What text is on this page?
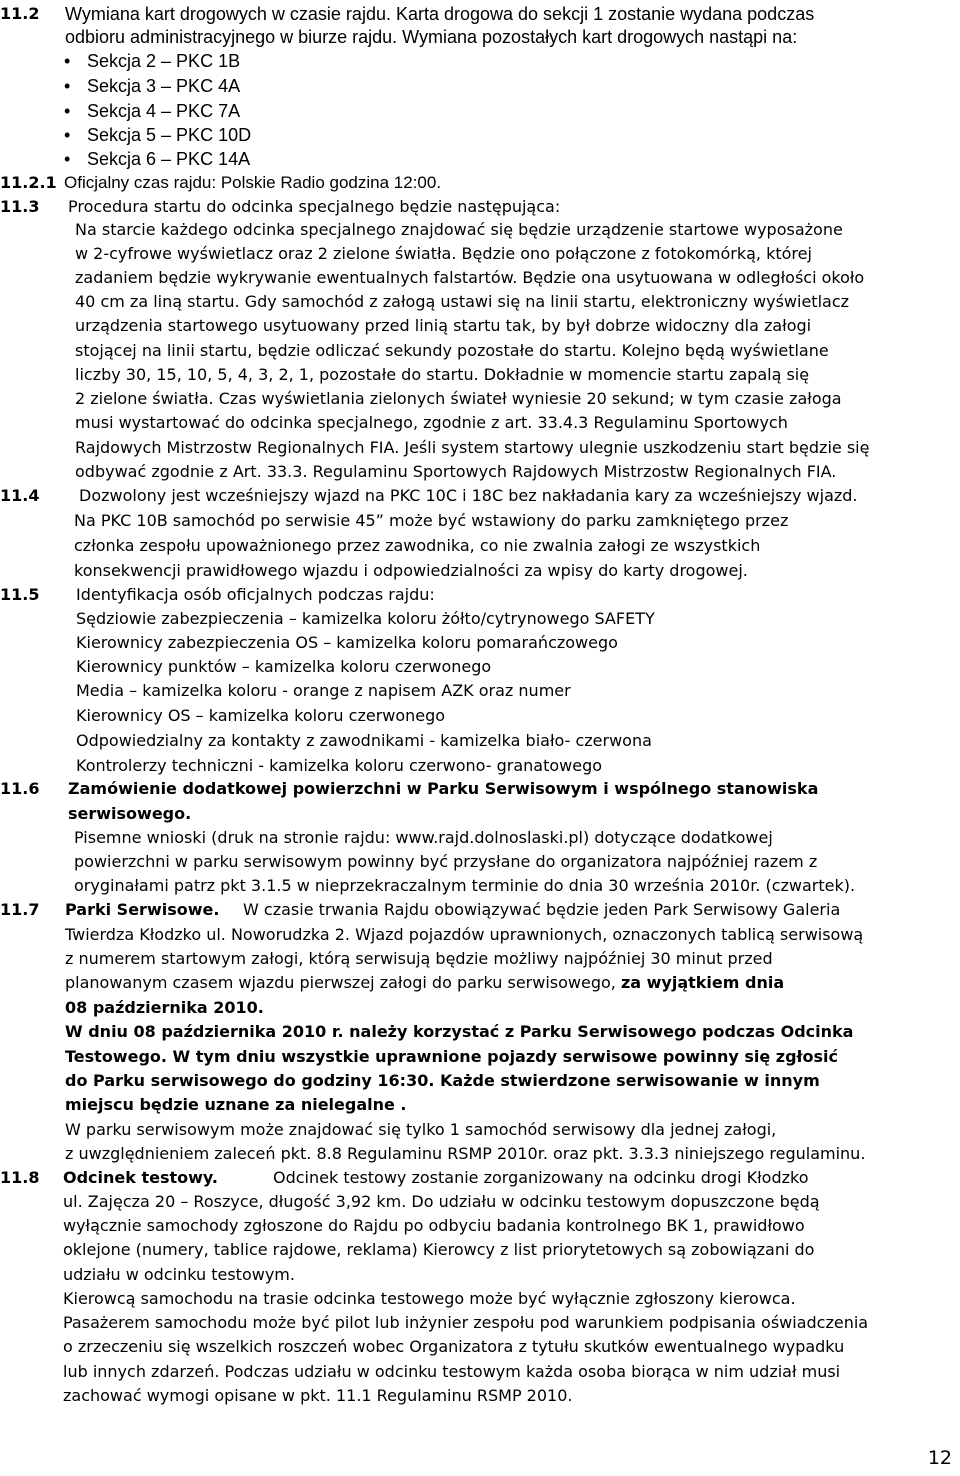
11.2 Wymiana kart drogowych w czasie rajdu. Karta drogowa do sekcji 1 zostanie wydana podczas
odbioru administracyjnego w biurze rajdu. Wymiana pozostałych kart drogowych nastąpi na:
• Sekcja 2 – PKC 1B
• Sekcja 3 – PKC 4A
• Sekcja 4 – PKC 7A
• Sekcja 5 – PKC 10D
• Sekcja 6 – PKC 14A
11.2.1 Oficjalny czas rajdu: Polskie Radio godzina 12:00.
11.3 Procedura startu do odcinka specjalnego będzie następująca:
Na starcie każdego odcinka specjalnego znajdować się będzie urządzenie startowe wyposażone
w 2-cyfrowe wyświetlacz oraz 2 zielone światła. Będzie ono połączone z fotokomórką, której
zadaniem będzie wykrywanie ewentualnych falstartów. Będzie ona usytuowana w odległości około
40 cm za liną startu. Gdy samochód z załogą ustawi się na linii startu, elektroniczny wyświetlacz
urządzenia startowego usytuowany przed linią startu tak, by był dobrze widoczny dla załogi
stojącej na linii startu, będzie odliczać sekundy pozostałe do startu. Kolejno będą wyświetlane
liczby 30, 15, 10, 5, 4, 3, 2, 1, pozostałe do startu. Dokładnie w momencie startu zapalą się
2 zielone światła. Czas wyświetlania zielonych świateł wyniesie 20 sekund; w tym czasie załoga
musi wystartować do odcinka specjalnego, zgodnie z art. 33.4.3 Regulaminu Sportowych
Rajdowych Mistrzostw Regionalnych FIA. Jeśli system startowy ulegnie uszkodzeniu start będzie się
odbywać zgodnie z Art. 33.3. Regulaminu Sportowych Rajdowych Mistrzostw Regionalnych FIA.
11.4 Dozwolony jest wcześniejszy wjazd na PKC 10C i 18C bez nakładania kary za wcześniejszy wjazd.
Na PKC 10B samochód po serwisie 45” może być wstawiony do parku zamkniętego przez
członka zespołu upoważnionego przez zawodnika, co nie zwalnia załogi ze wszystkich
konsekwencji prawidłowego wjazdu i odpowiedzialności za wpisy do karty drogowej.
11.5 Identyfikacja osób oficjalnych podczas rajdu:
Sędziowie zabezpieczenia – kamizelka koloru żółto/cytrynowego SAFETY
Kierownicy zabezpieczenia OS – kamizelka koloru pomarańczowego
Kierownicy punktów – kamizelka koloru czerwonego
Media – kamizelka koloru - orange z napisem AZK oraz numer
Kierownicy OS – kamizelka koloru czerwonego
Odpowiedzialny za kontakty z zawodnikami - kamizelka biało- czerwona
Kontrolerzy techniczni - kamizelka koloru czerwono- granatowego
11.6 Zamówienie dodatkowej powierzchni w Parku Serwisowym i wspólnego stanowiska
serwisowego.
Pisemne wnioski (druk na stronie rajdu: www.rajd.dolnoslaski.pl) dotyczące dodatkowej
powierzchni w parku serwisowym powinny być przysłane do organizatora najpóźniej razem z
oryginałami patrz pkt 3.1.5 w nieprzekraczalnym terminie do dnia 30 września 2010r. (czwartek).
11.7 Parki Serwisowe. W czasie trwania Rajdu obowiązywać będzie jeden Park Serwisowy Galeria
Twierdza Kłodzko ul. Noworudzka 2. Wjazd pojazdów uprawnionych, oznaczonych tablicą serwisową
z numerem startowym załogi, którą serwisują będzie możliwy najpóźniej 30 minut przed
planowanym czasem wjazdu pierwszej załogi do parku serwisowego, za wyjątkiem dnia
08 października 2010.
W dniu 08 października 2010 r. należy korzystać z Parku Serwisowego podczas Odcinka
Testowego. W tym dniu wszystkie uprawnione pojazdy serwisowe powinny się zgłosić
do Parku serwisowego do godziny 16:30. Każde stwierdzone serwisowanie w innym
miejscu będzie uznane za nielegalne .
W parku serwisowym może znajdować się tylko 1 samochód serwisowy dla jednej załogi,
z uwzględnieniem zaleceń pkt. 8.8 Regulaminu RSMP 2010r. oraz pkt. 3.3.3 niniejszego regulaminu.
11.8 Odcinek testowy.	Odcinek testowy zostanie zorganizowany na odcinku drogi Kłodzko
ul. Zajęcza 20 – Roszyce, długość 3,92 km. Do udziału w odcinku testowym dopuszczone będą
wyłącznie samochody zgłoszone do Rajdu po odbyciu badania kontrolnego BK 1, prawidłowo
oklejone (numery, tablice rajdowe, reklama) Kierowcy z list priorytetowych są zobowiązani do
udziału w odcinku testowym.
Kierowcą samochodu na trasie odcinka testowego może być wyłącznie zgłoszony kierowca.
Pasażerem samochodu może być pilot lub inżynier zespołu pod warunkiem podpisania oświadczenia
o zrzeczeniu się wszelkich roszczeń wobec Organizatora z tytułu skutków ewentualnego wypadku
lub innych zdarzeń. Podczas udziału w odcinku testowym każda osoba biorąca w nim udział musi
zachować wymogi opisane w pkt. 11.1 Regulaminu RSMP 2010.
12
